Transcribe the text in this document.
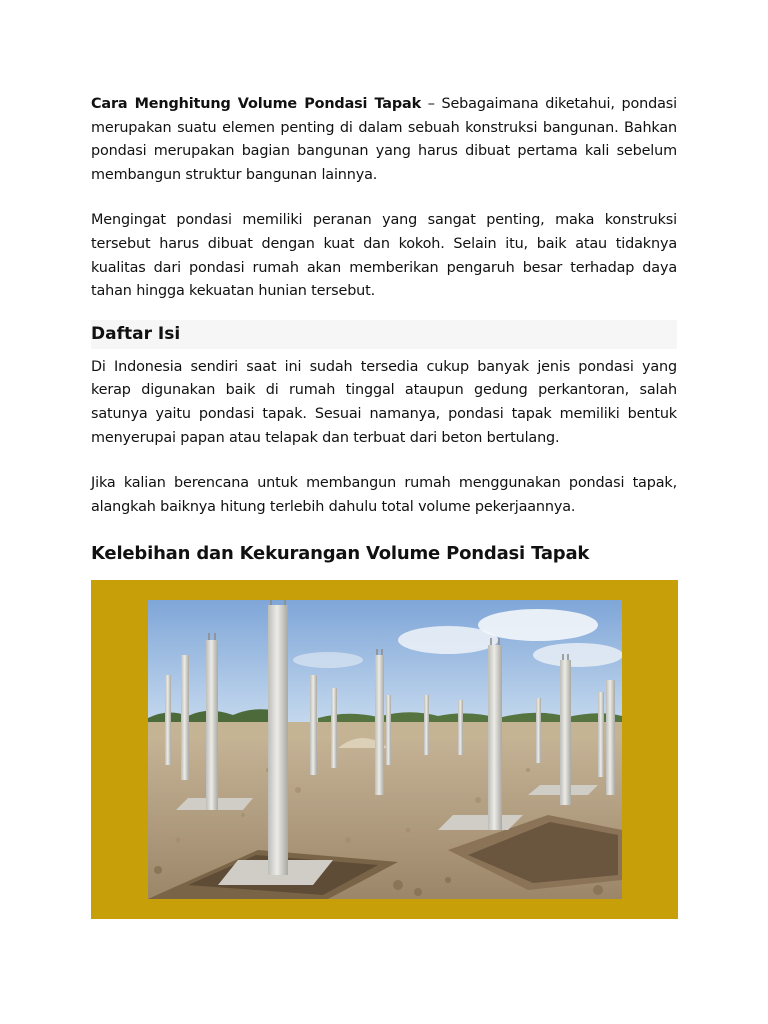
Cara Menghitung Volume Pondasi Tapak – Sebagaimana diketahui, pondasi merupakan suatu elemen penting di dalam sebuah konstruksi bangunan. Bahkan pondasi merupakan bagian bangunan yang harus dibuat pertama kali sebelum membangun struktur bangunan lainnya.

Mengingat pondasi memiliki peranan yang sangat penting, maka konstruksi tersebut harus dibuat dengan kuat dan kokoh. Selain itu, baik atau tidaknya kualitas dari pondasi rumah akan memberikan pengaruh besar terhadap daya tahan hingga kekuatan hunian tersebut.

Daftar Isi

Di Indonesia sendiri saat ini sudah tersedia cukup banyak jenis pondasi yang kerap digunakan baik di rumah tinggal ataupun gedung perkantoran, salah satunya yaitu pondasi tapak. Sesuai namanya, pondasi tapak memiliki bentuk menyerupai papan atau telapak dan terbuat dari beton bertulang.

Jika kalian berencana untuk membangun rumah menggunakan pondasi tapak, alangkah baiknya hitung terlebih dahulu total volume pekerjaannya.

Kelebihan dan Kekurangan Volume Pondasi Tapak
